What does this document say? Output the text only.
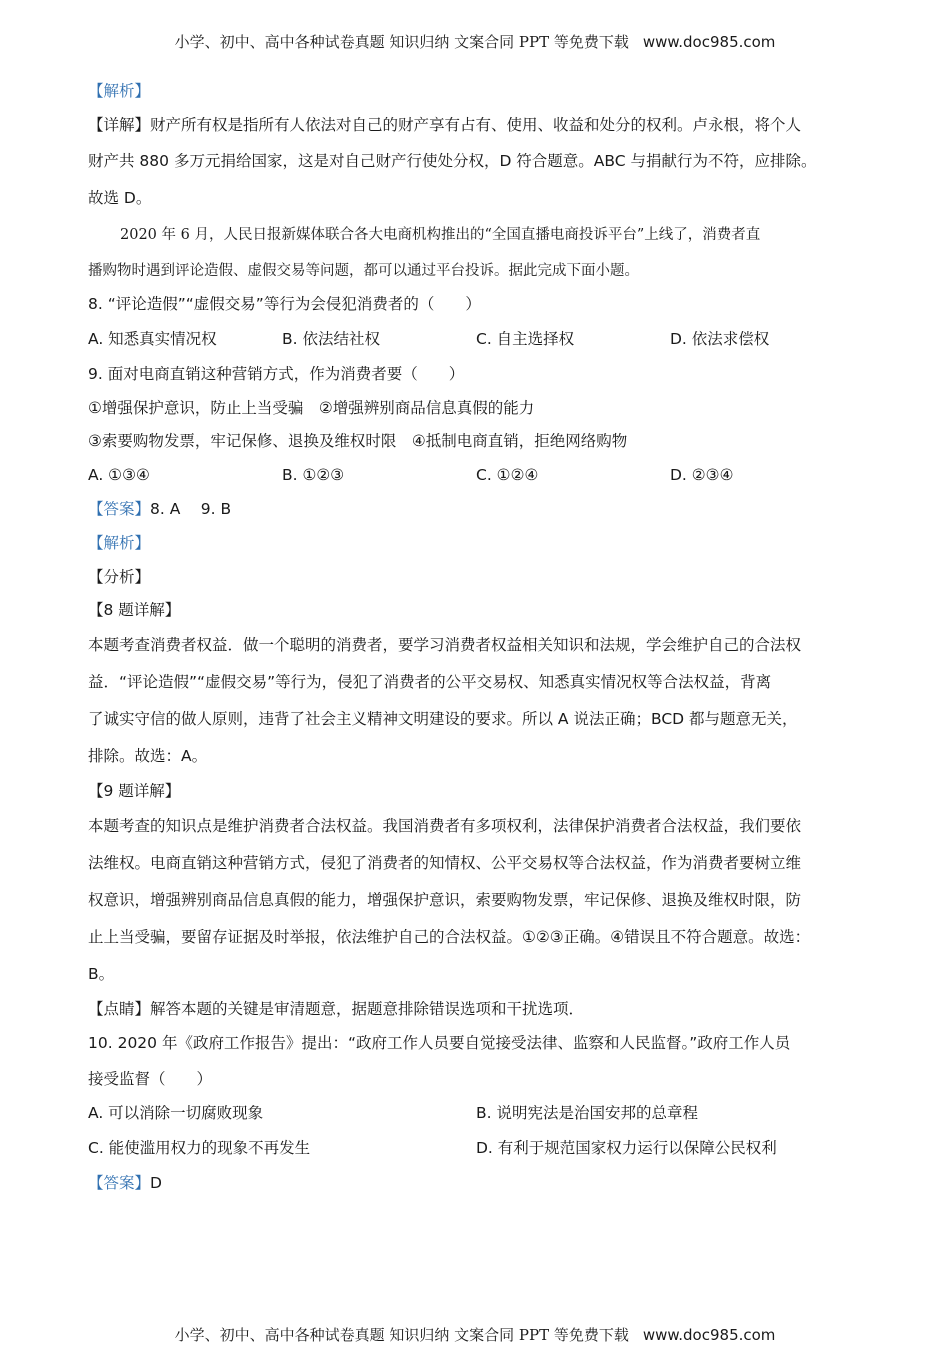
小学、初中、高中各种试卷真题 知识归纳 文案合同 PPT 等免费下载 www.doc985.com
【解析】
【详解】财产所有权是指所有人依法对自己的财产享有占有、使用、收益和处分的权利。卢永根，将个人
财产共 880 多万元捐给国家，这是对自己财产行使处分权，D 符合题意。ABC 与捐献行为不符，应排除。
故选 D。
2020 年 6 月，人民日报新媒体联合各大电商机构推出的“全国直播电商投诉平台”上线了，消费者直
播购物时遇到评论造假、虚假交易等问题，都可以通过平台投诉。据此完成下面小题。
8. “评论造假”“虚假交易”等行为会侵犯消费者的（　　）
A. 知悉真实情况权	B. 依法结社权	C. 自主选择权	D. 依法求偿权
9. 面对电商直销这种营销方式，作为消费者要（　　）
①增强保护意识，防止上当受骗　②增强辨别商品信息真假的能力
③索要购物发票，牢记保修、退换及维权时限　④抵制电商直销，拒绝网络购物
A. ①③④	B. ①②③	C. ①②④	D. ②③④
【答案】8. A　 9. B
【解析】
【分析】
【8 题详解】
本题考查消费者权益．做一个聪明的消费者，要学习消费者权益相关知识和法规，学会维护自己的合法权
益．“评论造假”“虚假交易”等行为，侵犯了消费者的公平交易权、知悉真实情况权等合法权益，背离
了诚实守信的做人原则，违背了社会主义精神文明建设的要求。所以 A 说法正确；BCD 都与题意无关，
排除。故选：A。
【9 题详解】
本题考查的知识点是维护消费者合法权益。我国消费者有多项权利，法律保护消费者合法权益，我们要依
法维权。电商直销这种营销方式，侵犯了消费者的知情权、公平交易权等合法权益，作为消费者要树立维
权意识，增强辨别商品信息真假的能力，增强保护意识，索要购物发票，牢记保修、退换及维权时限，防
止上当受骗，要留存证据及时举报，依法维护自己的合法权益。①②③正确。④错误且不符合题意。故选：
B。
【点睛】解答本题的关键是审清题意，据题意排除错误选项和干扰选项．
10. 2020 年《政府工作报告》提出：“政府工作人员要自觉接受法律、监察和人民监督。”政府工作人员
接受监督（　　）
A. 可以消除一切腐败现象	B. 说明宪法是治国安邦的总章程
C. 能使滥用权力的现象不再发生	D. 有利于规范国家权力运行以保障公民权利
【答案】D
小学、初中、高中各种试卷真题 知识归纳 文案合同 PPT 等免费下载 www.doc985.com
